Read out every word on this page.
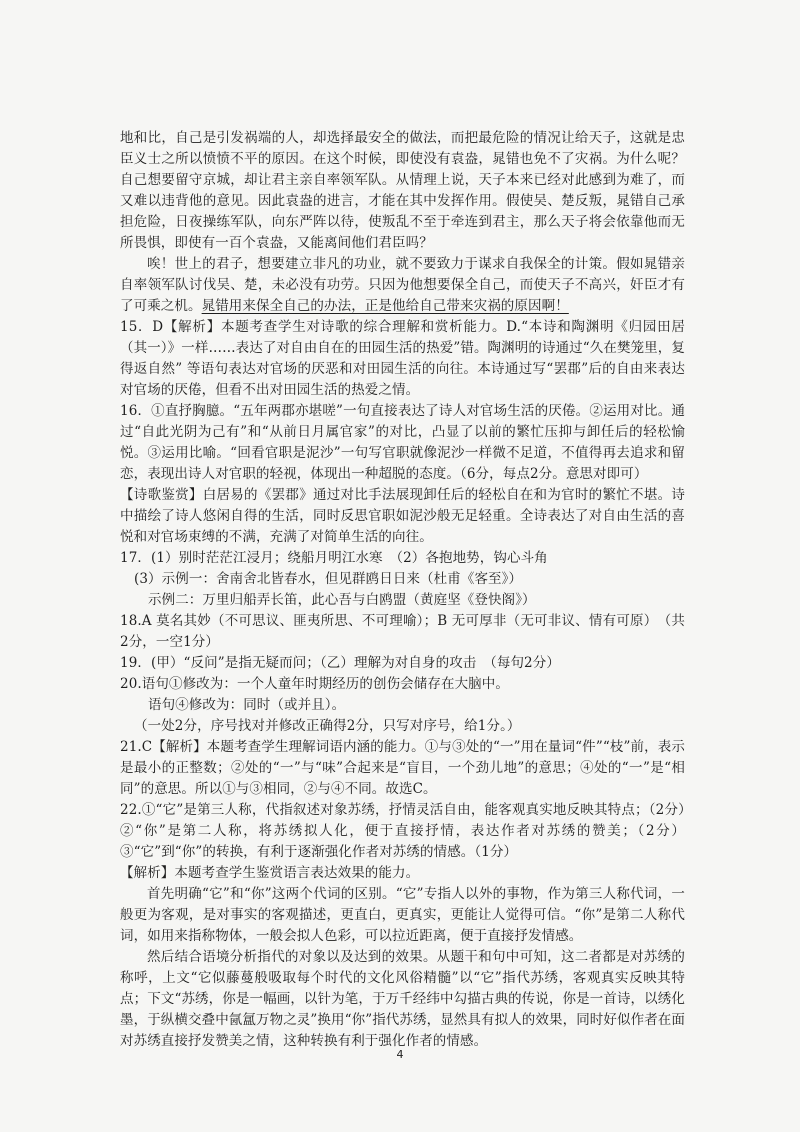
地和比，自己是引发祸端的人，却选择最安全的做法，而把最危险的情况让给天子，这就是忠臣义士之所以愤愤不平的原因。在这个时候，即使没有袁盎，晁错也免不了灾祸。为什么呢？自己想要留守京城，却让君主亲自率领军队。从情理上说，天子本来已经对此感到为难了，而又难以违背他的意见。因此袁盎的进言，才能在其中发挥作用。假使吴、楚反叛，晁错自己承担危险，日夜操练军队，向东严阵以待，使叛乱不至于牵连到君主，那么天子将会依靠他而无所畏惧，即使有一百个袁盎，又能离间他们君臣吗？

唉！世上的君子，想要建立非凡的功业，就不要致力于谋求自我保全的计策。假如晁错亲自率领军队讨伐吴、楚，未必没有功劳。只因为他想要保全自己，而使天子不高兴，奸臣才有了可乘之机。晁错用来保全自己的办法，正是他给自己带来灾祸的原因啊！

15．D【解析】本题考查学生对诗歌的综合理解和赏析能力。D.“本诗和陶渊明《归园田居（其一）》一样……表达了对自由自在的田园生活的热爱”错。陶渊明的诗通过“久在樊笼里，复得返自然” 等语句表达对官场的厌恶和对田园生活的向往。本诗通过写“罢郡”后的自由来表达对官场的厌倦，但看不出对田园生活的热爱之情。

16．①直抒胸臆。“五年两郡亦堪嗟”一句直接表达了诗人对官场生活的厌倦。②运用对比。通过“自此光阴为己有”和“从前日月属官家”的对比，凸显了以前的繁忙压抑与卸任后的轻松愉悦。③运用比喻。“回看官职是泥沙”一句写官职就像泥沙一样微不足道，不值得再去追求和留恋，表现出诗人对官职的轻视，体现出一种超脱的态度。（6分，每点2分。意思对即可）

【诗歌鉴赏】白居易的《罢郡》通过对比手法展现卸任后的轻松自在和为官时的繁忙不堪。诗中描绘了诗人悠闲自得的生活，同时反思官职如泥沙般无足轻重。全诗表达了对自由生活的喜悦和对官场束缚的不满，充满了对简单生活的向往。

17．(1）别时茫茫江浸月；绕船月明江水寒　（2）各抱地势，钩心斗角

(3）示例一：舍南舍北皆春水，但见群鸥日日来（杜甫《客至》）

示例二：万里归船弄长笛，此心吾与白鸥盟（黄庭坚《登快阁》）

18.A 莫名其妙（不可思议、匪夷所思、不可理喻）；B 无可厚非（无可非议、情有可原）　（共2分，一空1分）

19．(甲）“反问”是指无疑而问；（乙）理解为对自身的攻击　（每句2分）

20.语句①修改为：一个人童年时期经历的创伤会储存在大脑中。

语句④修改为：同时（或并且）。

（一处2分，序号找对并修改正确得2分，只写对序号，给1分。）

21.C【解析】本题考查学生理解词语内涵的能力。①与③处的“一”用在量词“件”“枝”前，表示是最小的正整数；②处的“一”与“味”合起来是“盲目，一个劲儿地”的意思；④处的“一”是“相同”的意思。所以①与③相同，②与④不同。故选C。

22.①“它”是第三人称，代指叙述对象苏绣，抒情灵活自由，能客观真实地反映其特点；（2分）②“你”是第二人称，将苏绣拟人化，便于直接抒情，表达作者对苏绣的赞美；（2分）③“它”到“你”的转换，有利于逐渐强化作者对苏绣的情感。（1分）

【解析】本题考查学生鉴赏语言表达效果的能力。

首先明确“它”和“你”这两个代词的区别。“它”专指人以外的事物，作为第三人称代词，一般更为客观，是对事实的客观描述，更直白，更真实，更能让人觉得可信。“你”是第二人称代词，如用来指称物体，一般会拟人色彩，可以拉近距离，便于直接抒发情感。

然后结合语境分析指代的对象以及达到的效果。从题干和句中可知，这二者都是对苏绣的称呼，上文“它似藤蔓般吸取每个时代的文化风俗精髓”以“它”指代苏绣，客观真实反映其特点；下文“苏绣，你是一幅画，以针为笔，于万千经纬中勾描古典的传说，你是一首诗，以绣化墨，于纵横交叠中氤氲万物之灵”换用“你”指代苏绣，显然具有拟人的效果，同时好似作者在面对苏绣直接抒发赞美之情，这种转换有利于强化作者的情感。

4
